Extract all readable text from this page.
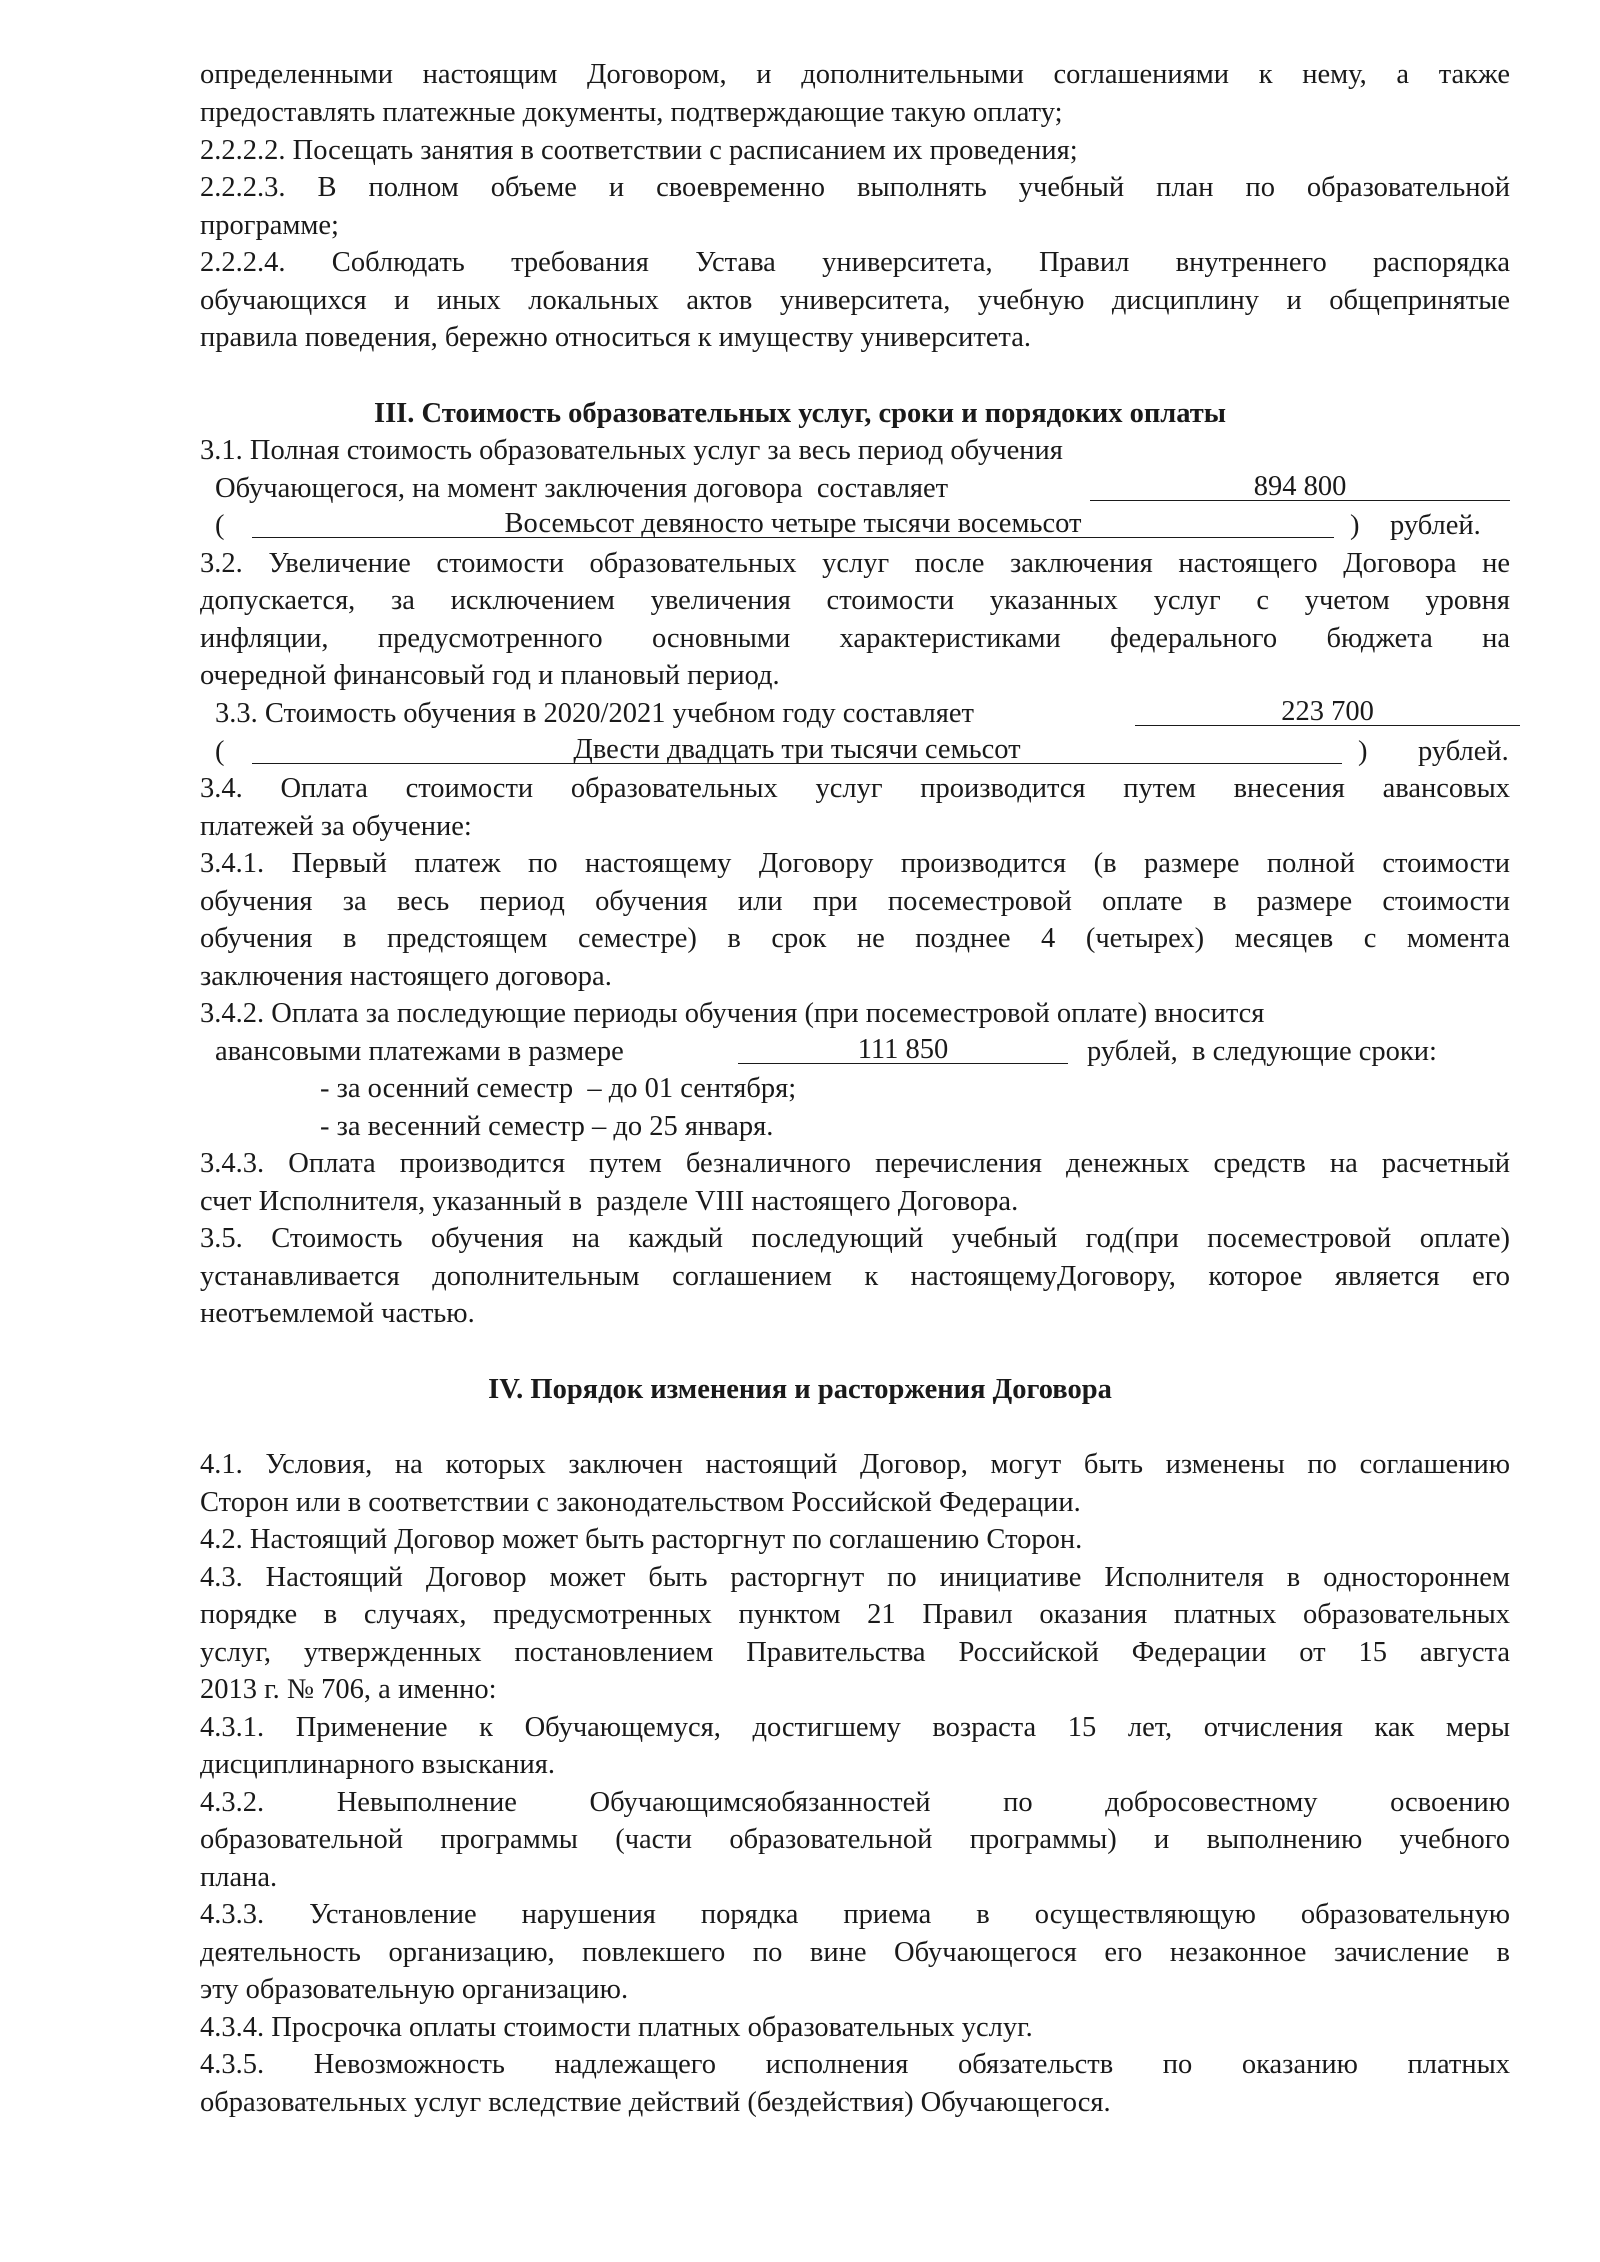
определенными настоящим Договором, и дополнительными соглашениями к нему, а также
предоставлять платежные документы, подтверждающие такую оплату;
2.2.2.2. Посещать занятия в соответствии с расписанием их проведения;
2.2.2.3. В полном объеме и своевременно выполнять учебный план по образовательной
программе;
2.2.2.4. Соблюдать требования Устава университета, Правил внутреннего распорядка
обучающихся и иных локальных актов университета, учебную дисциплину и общепринятые
правила поведения, бережно относиться к имуществу университета.
III. Стоимость образовательных услуг, сроки и порядоких оплаты
3.1. Полная стоимость образовательных услуг за весь период обучения
Обучающегося, на момент заключения договора  составляет	894 800
(	Восемьсот девяносто четыре тысячи восемьсот	) рублей.
3.2. Увеличение стоимости образовательных услуг после заключения настоящего Договора не
допускается, за исключением увеличения стоимости указанных услуг с учетом уровня
инфляции, предусмотренного основными характеристиками федерального бюджета на
очередной финансовый год и плановый период.
3.3. Стоимость обучения в 2020/2021 учебном году составляет	223 700
(	Двести двадцать три тысячи семьсот	) рублей.
3.4. Оплата стоимости образовательных услуг производится путем внесения авансовых
платежей за обучение:
3.4.1. Первый платеж по настоящему Договору производится (в размере полной стоимости
обучения за весь период обучения или при посеместровой оплате в размере стоимости
обучения в предстоящем семестре) в срок не позднее 4 (четырех) месяцев с момента
заключения настоящего договора.
3.4.2. Оплата за последующие периоды обучения (при посеместровой оплате) вносится
авансовыми платежами в размере	111 850	рублей,  в следующие сроки:
- за осенний семестр  – до 01 сентября;
- за весенний семестр – до 25 января.
3.4.3. Оплата производится путем безналичного перечисления денежных средств на расчетный
счет Исполнителя, указанный в  разделе VIII настоящего Договора.
3.5. Стоимость обучения на каждый последующий учебный год(при посеместровой оплате)
устанавливается дополнительным соглашением к настоящемуДоговору, которое является его
неотъемлемой частью.
IV. Порядок изменения и расторжения Договора
4.1. Условия, на которых заключен настоящий Договор, могут быть изменены по соглашению
Сторон или в соответствии с законодательством Российской Федерации.
4.2. Настоящий Договор может быть расторгнут по соглашению Сторон.
4.3. Настоящий Договор может быть расторгнут по инициативе Исполнителя в одностороннем
порядке в случаях, предусмотренных пунктом 21 Правил оказания платных образовательных
услуг, утвержденных постановлением Правительства Российской Федерации от 15 августа
2013 г. № 706, а именно:
4.3.1. Применение к Обучающемуся, достигшему возраста 15 лет, отчисления как меры
дисциплинарного взыскания.
4.3.2. Невыполнение Обучающимсяобязанностей по добросовестному освоению
образовательной программы (части образовательной программы) и выполнению учебного
плана.
4.3.3. Установление нарушения порядка приема в осуществляющую образовательную
деятельность организацию, повлекшего по вине Обучающегося его незаконное зачисление в
эту образовательную организацию.
4.3.4. Просрочка оплаты стоимости платных образовательных услуг.
4.3.5. Невозможность надлежащего исполнения обязательств по оказанию платных
образовательных услуг вследствие действий (бездействия) Обучающегося.
